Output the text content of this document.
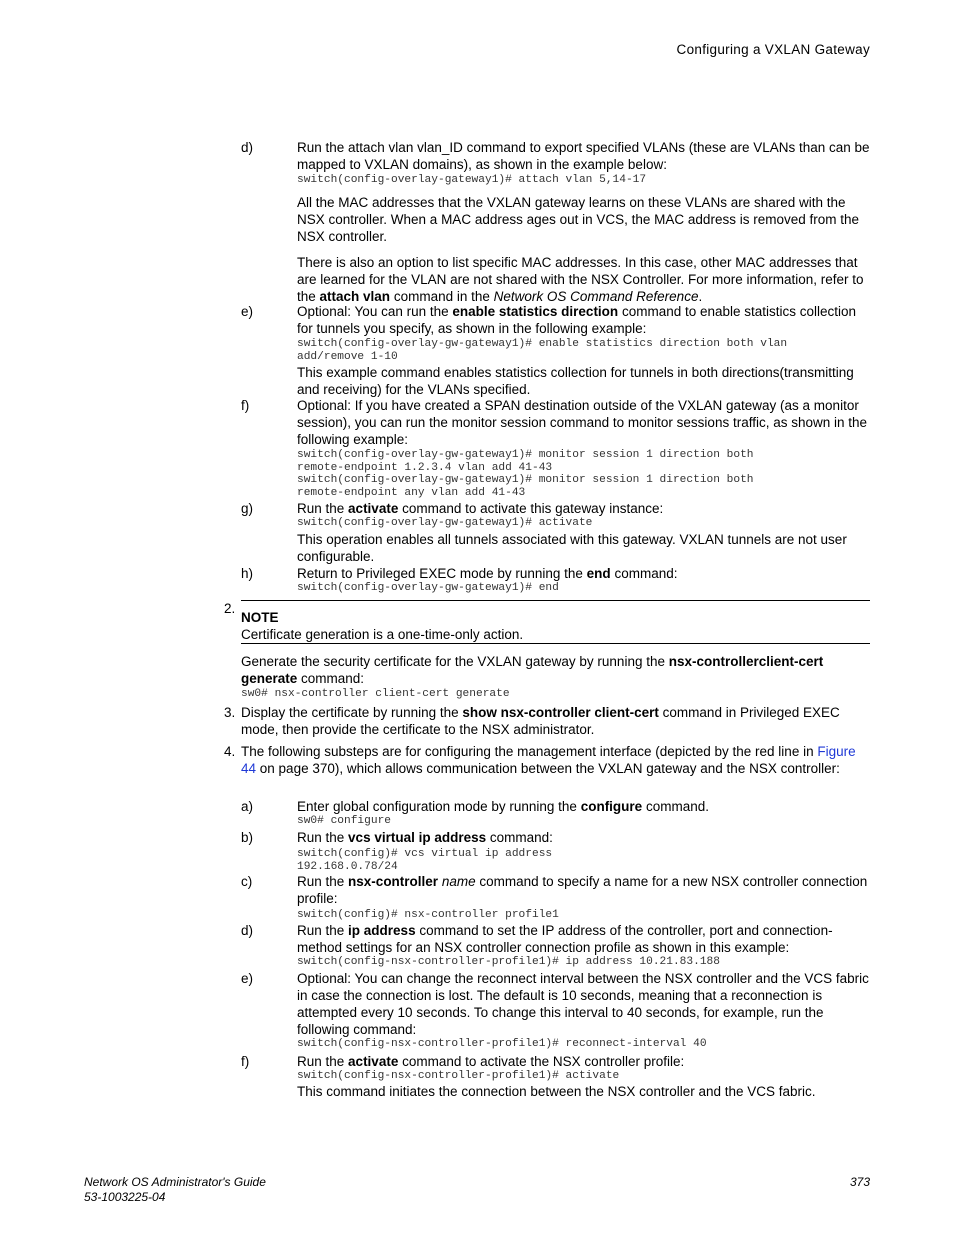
Configuring a VXLAN Gateway
d)	Run the attach vlan vlan_ID command to export specified VLANs (these are VLANs than can be mapped to VXLAN domains), as shown in the example below:

switch(config-overlay-gateway1)# attach vlan 5,14-17

All the MAC addresses that the VXLAN gateway learns on these VLANs are shared with the NSX controller. When a MAC address ages out in VCS, the MAC address is removed from the NSX controller.

There is also an option to list specific MAC addresses. In this case, other MAC addresses that are learned for the VLAN are not shared with the NSX Controller. For more information, refer to the attach vlan command in the Network OS Command Reference.

e)	Optional: You can run the enable statistics direction command to enable statistics collection for tunnels you specify, as shown in the following example:

switch(config-overlay-gw-gateway1)# enable statistics direction both vlan
add/remove 1-10

This example command enables statistics collection for tunnels in both directions(transmitting and receiving) for the VLANs specified.

f)	Optional: If you have created a SPAN destination outside of the VXLAN gateway (as a monitor session), you can run the monitor session command to monitor sessions traffic, as shown in the following example:

switch(config-overlay-gw-gateway1)# monitor session 1 direction both
remote-endpoint 1.2.3.4 vlan add 41-43
switch(config-overlay-gw-gateway1)# monitor session 1 direction both
remote-endpoint any vlan add 41-43
g)	Run the activate command to activate this gateway instance:

switch(config-overlay-gw-gateway1)# activate

This operation enables all tunnels associated with this gateway. VXLAN tunnels are not user configurable.

h)	Return to Privileged EXEC mode by running the end command:

switch(config-overlay-gw-gateway1)# end
2.
NOTE
Certificate generation is a one-time-only action.

Generate the security certificate for the VXLAN gateway by running the nsx-controllerclient-cert generate command:

sw0# nsx-controller client-cert generate
3. Display the certificate by running the show nsx-controller client-cert command in Privileged EXEC mode, then provide the certificate to the NSX administrator.

4. The following substeps are for configuring the management interface (depicted by the red line in Figure 44 on page 370), which allows communication between the VXLAN gateway and the NSX controller:

a)	Enter global configuration mode by running the configure command.

sw0# configure
b)	Run the vcs virtual ip address command:

switch(config)# vcs virtual ip address
192.168.0.78/24
c)	Run the nsx-controller name command to specify a name for a new NSX controller connection profile:

switch(config)# nsx-controller profile1
d)	Run the ip address command to set the IP address of the controller, port and connection-method settings for an NSX controller connection profile as shown in this example:

switch(config-nsx-controller-profile1)# ip address 10.21.83.188
e)	Optional: You can change the reconnect interval between the NSX controller and the VCS fabric in case the connection is lost. The default is 10 seconds, meaning that a reconnection is attempted every 10 seconds. To change this interval to 40 seconds, for example, run the following command:

switch(config-nsx-controller-profile1)# reconnect-interval 40
f)	Run the activate command to activate the NSX controller profile:

switch(config-nsx-controller-profile1)# activate

This command initiates the connection between the NSX controller and the VCS fabric.

Network OS Administrator's Guide
53-1003225-04
373
